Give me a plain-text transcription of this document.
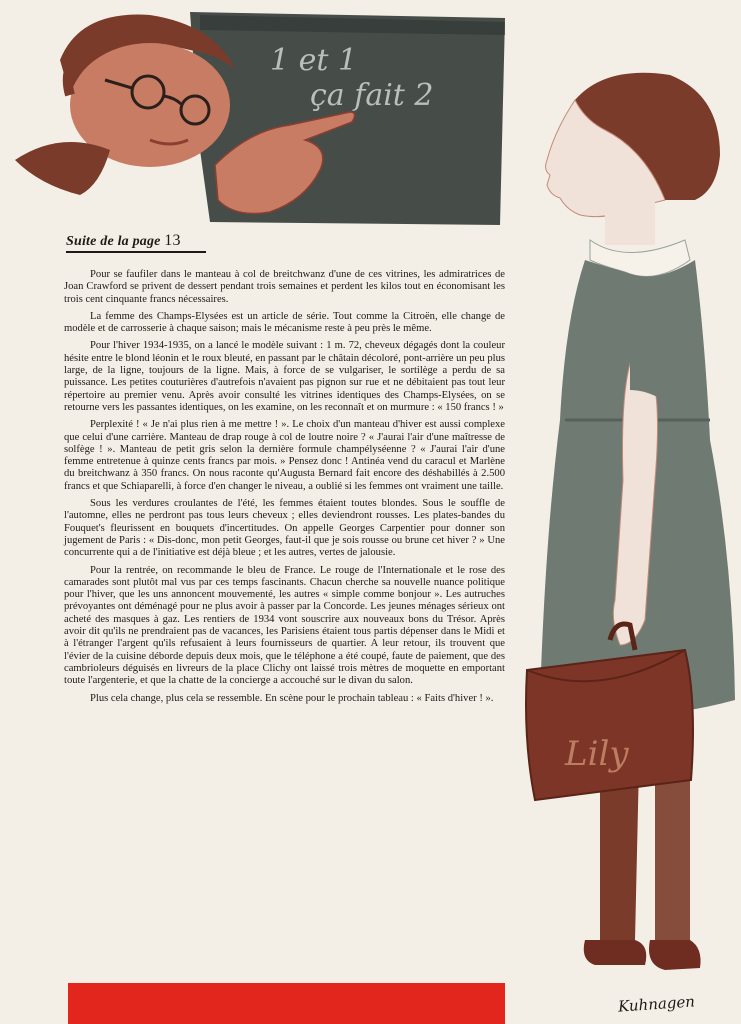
1 et 1
ça fait 2
Suite de la page 13

Pour se faufiler dans le manteau à col de breitchwanz d'une de ces vitrines, les admiratrices de Joan Crawford se privent de dessert pendant trois semaines et perdent les kilos tout en économisant les trois cent cinquante francs nécessaires.

La femme des Champs-Elysées est un article de série. Tout comme la Citroën, elle change de modèle et de carrosserie à chaque saison; mais le mécanisme reste à peu près le même.

Pour l'hiver 1934-1935, on a lancé le modèle suivant : 1 m. 72, cheveux dégagés dont la couleur hésite entre le blond léonin et le roux bleuté, en passant par le châtain décoloré, pont-arrière un peu plus large, de la ligne, toujours de la ligne. Mais, à force de se vulgariser, le sortilège a perdu de sa puissance. Les petites couturières d'autrefois n'avaient pas pignon sur rue et ne débitaient pas tout leur répertoire au premier venu. Après avoir consulté les vitrines identiques des Champs-Elysées, on se retourne vers les passantes identiques, on les examine, on les reconnaît et on murmure : « 150 francs ! »

Perplexité ! « Je n'ai plus rien à me mettre ! ». Le choix d'un manteau d'hiver est aussi complexe que celui d'une carrière. Manteau de drap rouge à col de loutre noire ? « J'aurai l'air d'une maîtresse de solfège ! ». Manteau de petit gris selon la dernière formule champélyséenne ? « J'aurai l'air d'une femme entretenue à quinze cents francs par mois. » Pensez donc ! Antinéa vend du caracul et Marlène du breitchwanz à 350 francs. On nous raconte qu'Augusta Bernard fait encore des déshabillés à 2.500 francs et que Schiaparelli, à force d'en changer le niveau, a oublié si les femmes ont vraiment une taille.

Sous les verdures croulantes de l'été, les femmes étaient toutes blondes. Sous le souffle de l'automne, elles ne perdront pas tous leurs cheveux ; elles deviendront rousses. Les plates-bandes du Fouquet's fleurissent en bouquets d'incertitudes. On appelle Georges Carpentier pour donner son jugement de Paris : « Dis-donc, mon petit Georges, faut-il que je sois rousse ou brune cet hiver ? » Une concurrente qui a de l'initiative est déjà bleue ; et les autres, vertes de jalousie.

Pour la rentrée, on recommande le bleu de France. Le rouge de l'Internationale et le rose des camarades sont plutôt mal vus par ces temps fascinants. Chacun cherche sa nouvelle nuance politique pour l'hiver, que les uns annoncent mouvementé, les autres « simple comme bonjour ». Les autruches prévoyantes ont déménagé pour ne plus avoir à passer par la Concorde. Les jeunes ménages sérieux ont acheté des masques à gaz. Les rentiers de 1934 vont souscrire aux nouveaux bons du Trésor. Après avoir dit qu'ils ne prendraient pas de vacances, les Parisiens étaient tous partis dépenser dans le Midi et à l'étranger l'argent qu'ils refusaient à leurs fournisseurs de quartier. A leur retour, ils trouvent que l'évier de la cuisine déborde depuis deux mois, que le téléphone a été coupé, faute de paiement, que des cambrioleurs déguisés en livreurs de la place Clichy ont laissé trois mètres de moquette en emportant toute l'argenterie, et que la chatte de la concierge a accouché sur le divan du salon.

Plus cela change, plus cela se ressemble. En scène pour le prochain tableau : « Faits d'hiver ! ».

Lily
Kuhnagen
